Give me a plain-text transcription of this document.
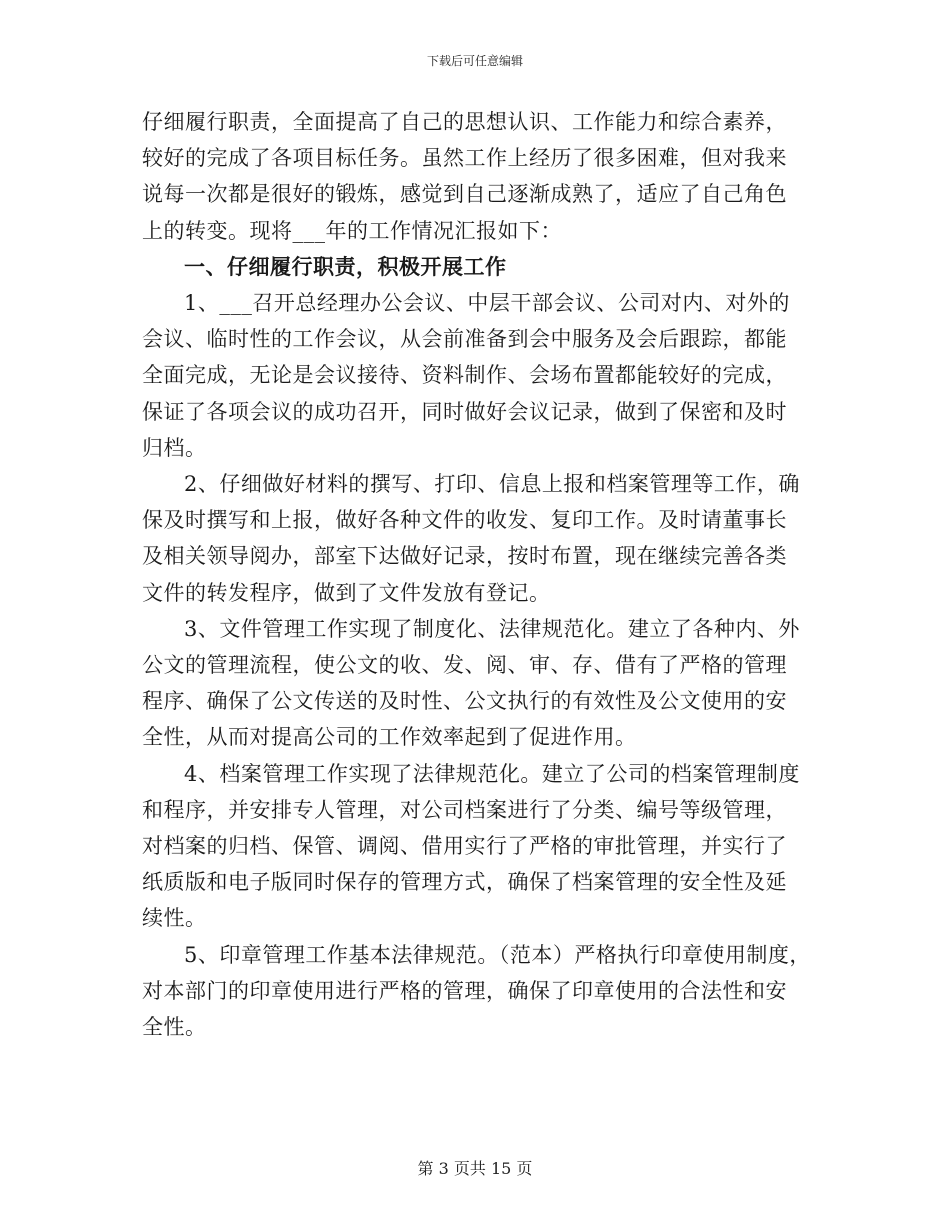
下载后可任意编辑

仔细履行职责，全面提高了自己的思想认识、工作能力和综合素养，
较好的完成了各项目标任务。虽然工作上经历了很多困难，但对我来
说每一次都是很好的锻炼，感觉到自己逐渐成熟了，适应了自己角色
上的转变。现将___年的工作情况汇报如下：

一、仔细履行职责，积极开展工作

1、___召开总经理办公会议、中层干部会议、公司对内、对外的
会议、临时性的工作会议，从会前准备到会中服务及会后跟踪，都能
全面完成，无论是会议接待、资料制作、会场布置都能较好的完成，
保证了各项会议的成功召开，同时做好会议记录，做到了保密和及时
归档。

2、仔细做好材料的撰写、打印、信息上报和档案管理等工作，确
保及时撰写和上报，做好各种文件的收发、复印工作。及时请董事长
及相关领导阅办，部室下达做好记录，按时布置，现在继续完善各类
文件的转发程序，做到了文件发放有登记。

3、文件管理工作实现了制度化、法律规范化。建立了各种内、外
公文的管理流程，使公文的收、发、阅、审、存、借有了严格的管理
程序、确保了公文传送的及时性、公文执行的有效性及公文使用的安
全性，从而对提高公司的工作效率起到了促进作用。

4、档案管理工作实现了法律规范化。建立了公司的档案管理制度
和程序，并安排专人管理，对公司档案进行了分类、编号等级管理，
对档案的归档、保管、调阅、借用实行了严格的审批管理，并实行了
纸质版和电子版同时保存的管理方式，确保了档案管理的安全性及延
续性。

5、印章管理工作基本法律规范。（范本）严格执行印章使用制度，
对本部门的印章使用进行严格的管理，确保了印章使用的合法性和安
全性。

第 3 页共 15 页
